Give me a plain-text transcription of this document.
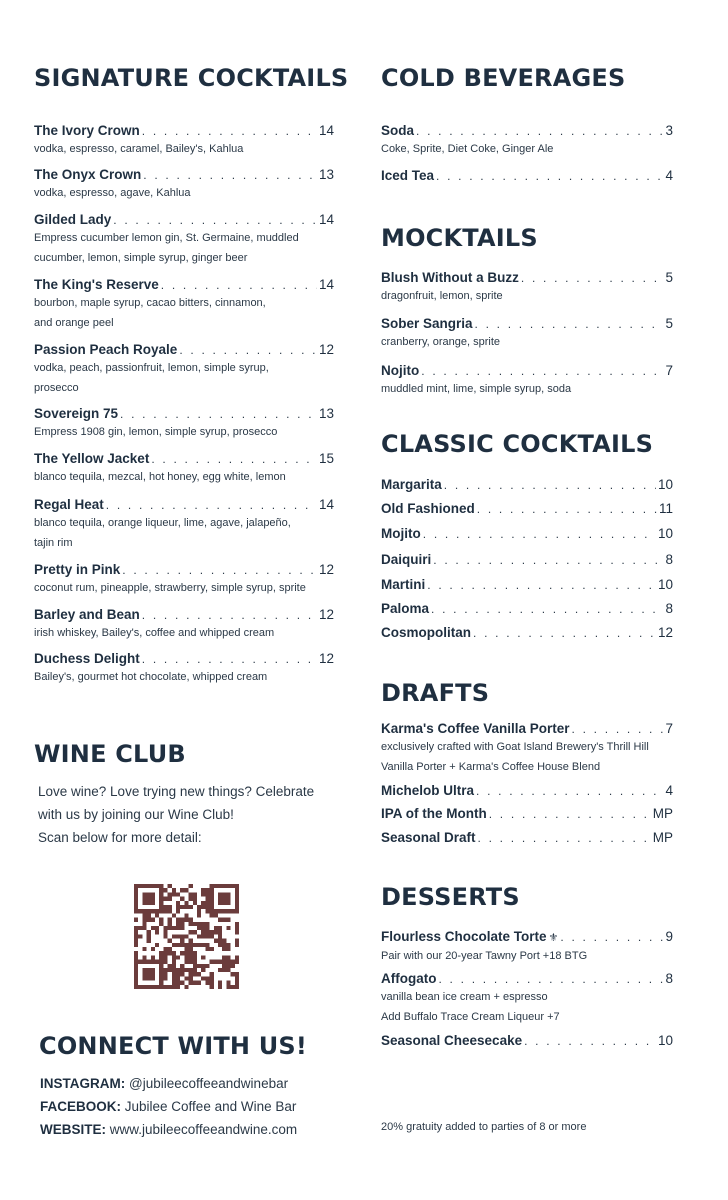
SIGNATURE COCKTAILS
The Ivory Crown . . .	14
vodka, espresso, caramel, Bailey's, Kahlua
The Onyx Crown . . .	13
vodka, espresso, agave, Kahlua
Gilded Lady . . .	14
Empress cucumber lemon gin, St. Germaine, muddled
cucumber, lemon, simple syrup, ginger beer
The King's Reserve . . .	14
bourbon, maple syrup, cacao bitters, cinnamon,
and orange peel
Passion Peach Royale . . .	12
vodka, peach, passionfruit, lemon, simple syrup,
prosecco
Sovereign 75 . . .	13
Empress 1908 gin, lemon, simple syrup, prosecco
The Yellow Jacket . . .	15
blanco tequila, mezcal, hot honey, egg white, lemon
Regal Heat . . .	14
blanco tequila, orange liqueur, lime, agave, jalapeño,
tajin rim
Pretty in Pink . . .	12
coconut rum, pineapple, strawberry, simple syrup, sprite
Barley and Bean . . .	12
irish whiskey, Bailey's, coffee and whipped cream
Duchess Delight . . .	12
Bailey's, gourmet hot chocolate, whipped cream
WINE CLUB
Love wine? Love trying new things? Celebrate
with us by joining our Wine Club!
Scan below for more detail:
CONNECT WITH US!
INSTAGRAM: @jubileecoffeeandwinebar
FACEBOOK: Jubilee Coffee and Wine Bar
WEBSITE: www.jubileecoffeeandwine.com
COLD BEVERAGES
Soda . . .	3
Coke, Sprite, Diet Coke, Ginger Ale
Iced Tea . . .	4
MOCKTAILS
Blush Without a Buzz . . .	5
dragonfruit, lemon, sprite
Sober Sangria . . .	5
cranberry, orange, sprite
Nojito . . .	7
muddled mint, lime, simple syrup, soda
CLASSIC COCKTAILS
Margarita . . .	10
Old Fashioned . . .	11
Mojito . . .	10
Daiquiri . . .	8
Martini . . .	10
Paloma . . .	8
Cosmopolitan . . .	12
DRAFTS
Karma's Coffee Vanilla Porter . . .	7
exclusively crafted with Goat Island Brewery's Thrill Hill
Vanilla Porter + Karma's Coffee House Blend
Michelob Ultra . . .	4
IPA of the Month . . .	MP
Seasonal Draft . . .	MP
DESSERTS
Flourless Chocolate Torte ⚜ . . .	9
Pair with our 20-year Tawny Port +18 BTG
Affogato . . .	8
vanilla bean ice cream + espresso
Add Buffalo Trace Cream Liqueur +7
Seasonal Cheesecake . . .	10
20% gratuity added to parties of 8 or more
